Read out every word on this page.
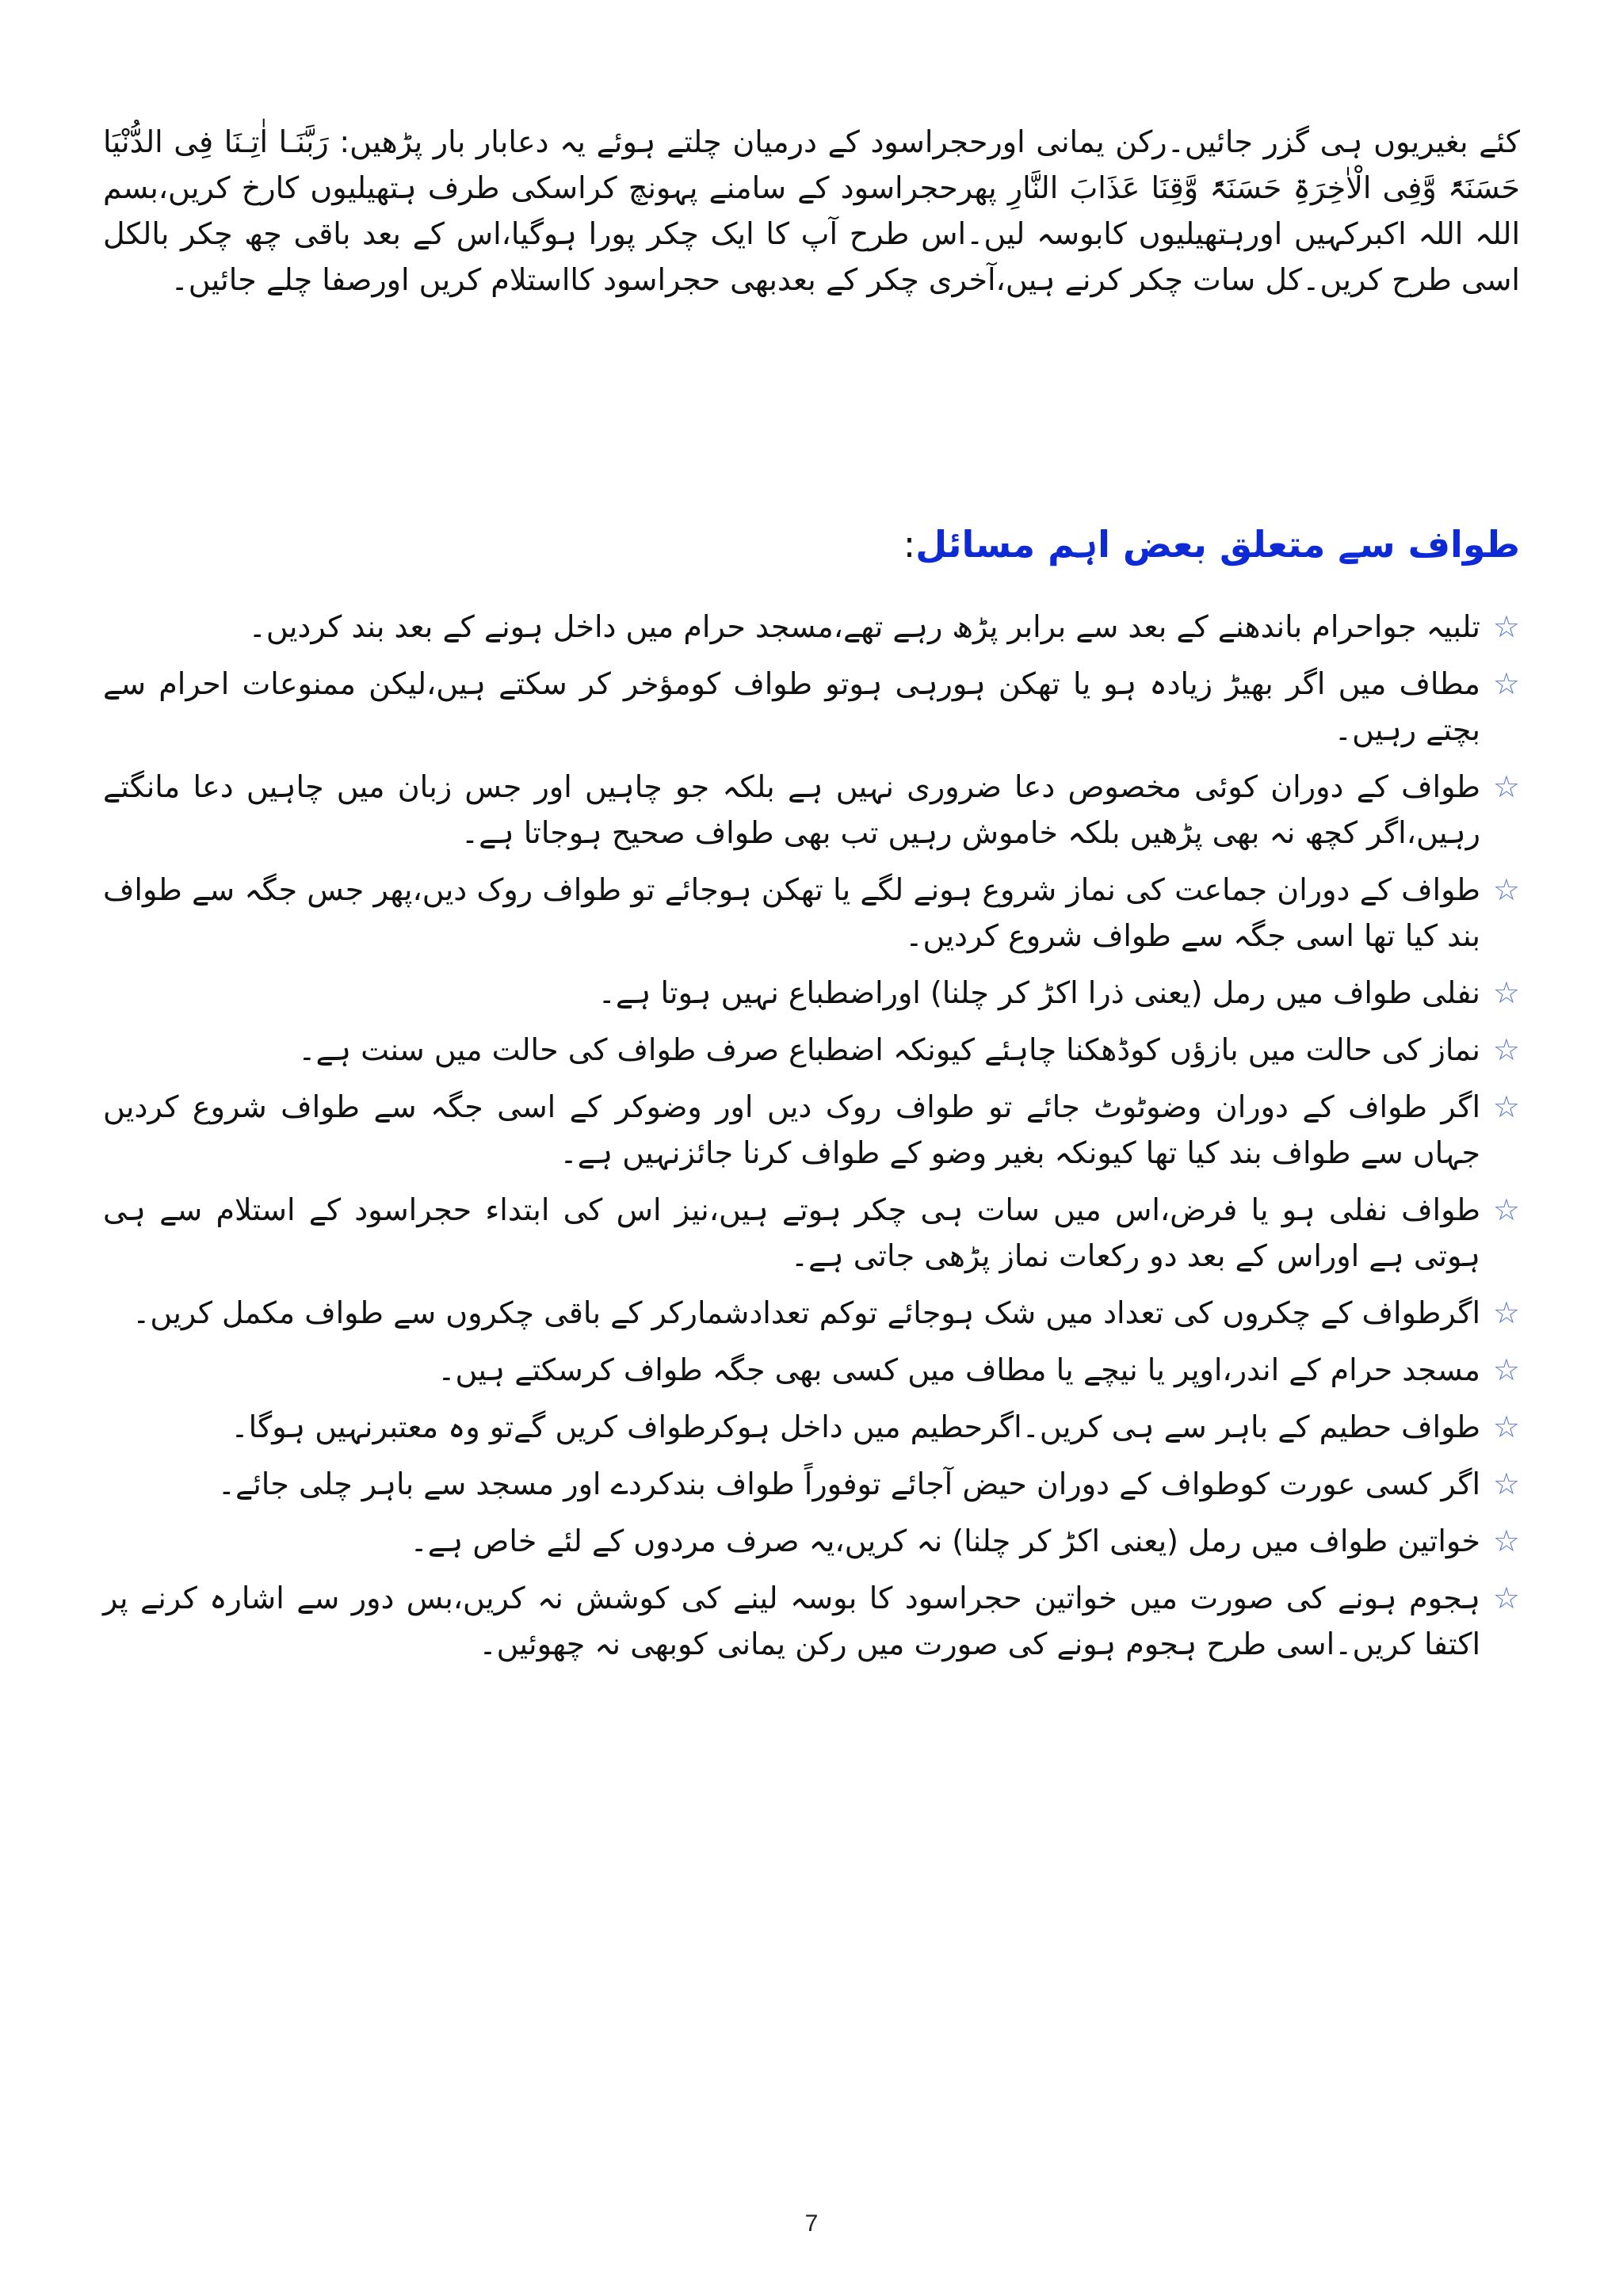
کئے بغیریوں ہی گزر جائیں۔رکن یمانی اورحجراسود کے درمیان چلتے ہوئے یہ دعابار بار پڑھیں: رَبَّنَـا اٰتِـنَا فِی الدُّنْیَا حَسَنَۃً وَّفِی الْاٰخِرَۃِ حَسَنَۃً وَّقِنَا عَذَابَ النَّارِ پھرحجراسود کے سامنے پہونچ کراسکی طرف ہتھیلیوں کارخ کریں،بسم اللہ اللہ اکبرکہیں اورہتھیلیوں کابوسہ لیں۔اس طرح آپ کا ایک چکر پورا ہوگیا،اس کے بعد باقی چھ چکر بالکل اسی طرح کریں۔کل سات چکر کرنے ہیں،آخری چکر کے بعدبھی حجراسود کااستلام کریں اورصفا چلے جائیں۔

طواف سے متعلق بعض اہم مسائل:
☆

تلبیہ جواحرام باندھنے کے بعد سے برابر پڑھ رہے تھے،مسجد حرام میں داخل ہونے کے بعد بند کردیں۔

☆

مطاف میں اگر بھیڑ زیادہ ہو یا تھکن ہورہی ہوتو طواف کومؤخر کر سکتے ہیں،لیکن ممنوعات احرام سے بچتے رہیں۔

☆

طواف کے دوران کوئی مخصوص دعا ضروری نہیں ہے بلکہ جو چاہیں اور جس زبان میں چاہیں دعا مانگتے رہیں،اگر کچھ نہ بھی پڑھیں بلکہ خاموش رہیں تب بھی طواف صحیح ہوجاتا ہے۔

☆

طواف کے دوران جماعت کی نماز شروع ہونے لگے یا تھکن ہوجائے تو طواف روک دیں،پھر جس جگہ سے طواف بند کیا تھا اسی جگہ سے طواف شروع کردیں۔

☆

نفلی طواف میں رمل (یعنی ذرا اکڑ کر چلنا) اوراضطباع نہیں ہوتا ہے۔

☆

نماز کی حالت میں بازؤں کوڈھکنا چاہئے کیونکہ اضطباع صرف طواف کی حالت میں سنت ہے۔

☆

اگر طواف کے دوران وضوٹوٹ جائے تو طواف روک دیں اور وضوکر کے اسی جگہ سے طواف شروع کردیں جہاں سے طواف بند کیا تھا کیونکہ بغیر وضو کے طواف کرنا جائزنہیں ہے۔

☆

طواف نفلی ہو یا فرض،اس میں سات ہی چکر ہوتے ہیں،نیز اس کی ابتداء حجراسود کے استلام سے ہی ہوتی ہے اوراس کے بعد دو رکعات نماز پڑھی جاتی ہے۔

☆

اگرطواف کے چکروں کی تعداد میں شک ہوجائے توکم تعدادشمارکر کے باقی چکروں سے طواف مکمل کریں۔

☆

مسجد حرام کے اندر،اوپر یا نیچے یا مطاف میں کسی بھی جگہ طواف کرسکتے ہیں۔

☆

طواف حطیم کے باہر سے ہی کریں۔اگرحطیم میں داخل ہوکرطواف کریں گےتو وہ معتبرنہیں ہوگا۔

☆

اگر کسی عورت کوطواف کے دوران حیض آجائے توفوراً طواف بندکردے اور مسجد سے باہر چلی جائے۔

☆

خواتین طواف میں رمل (یعنی اکڑ کر چلنا) نہ کریں،یہ صرف مردوں کے لئے خاص ہے۔

☆

ہجوم ہونے کی صورت میں خواتین حجراسود کا بوسہ لینے کی کوشش نہ کریں،بس دور سے اشارہ کرنے پر اکتفا کریں۔اسی طرح ہجوم ہونے کی صورت میں رکن یمانی کوبھی نہ چھوئیں۔

7
